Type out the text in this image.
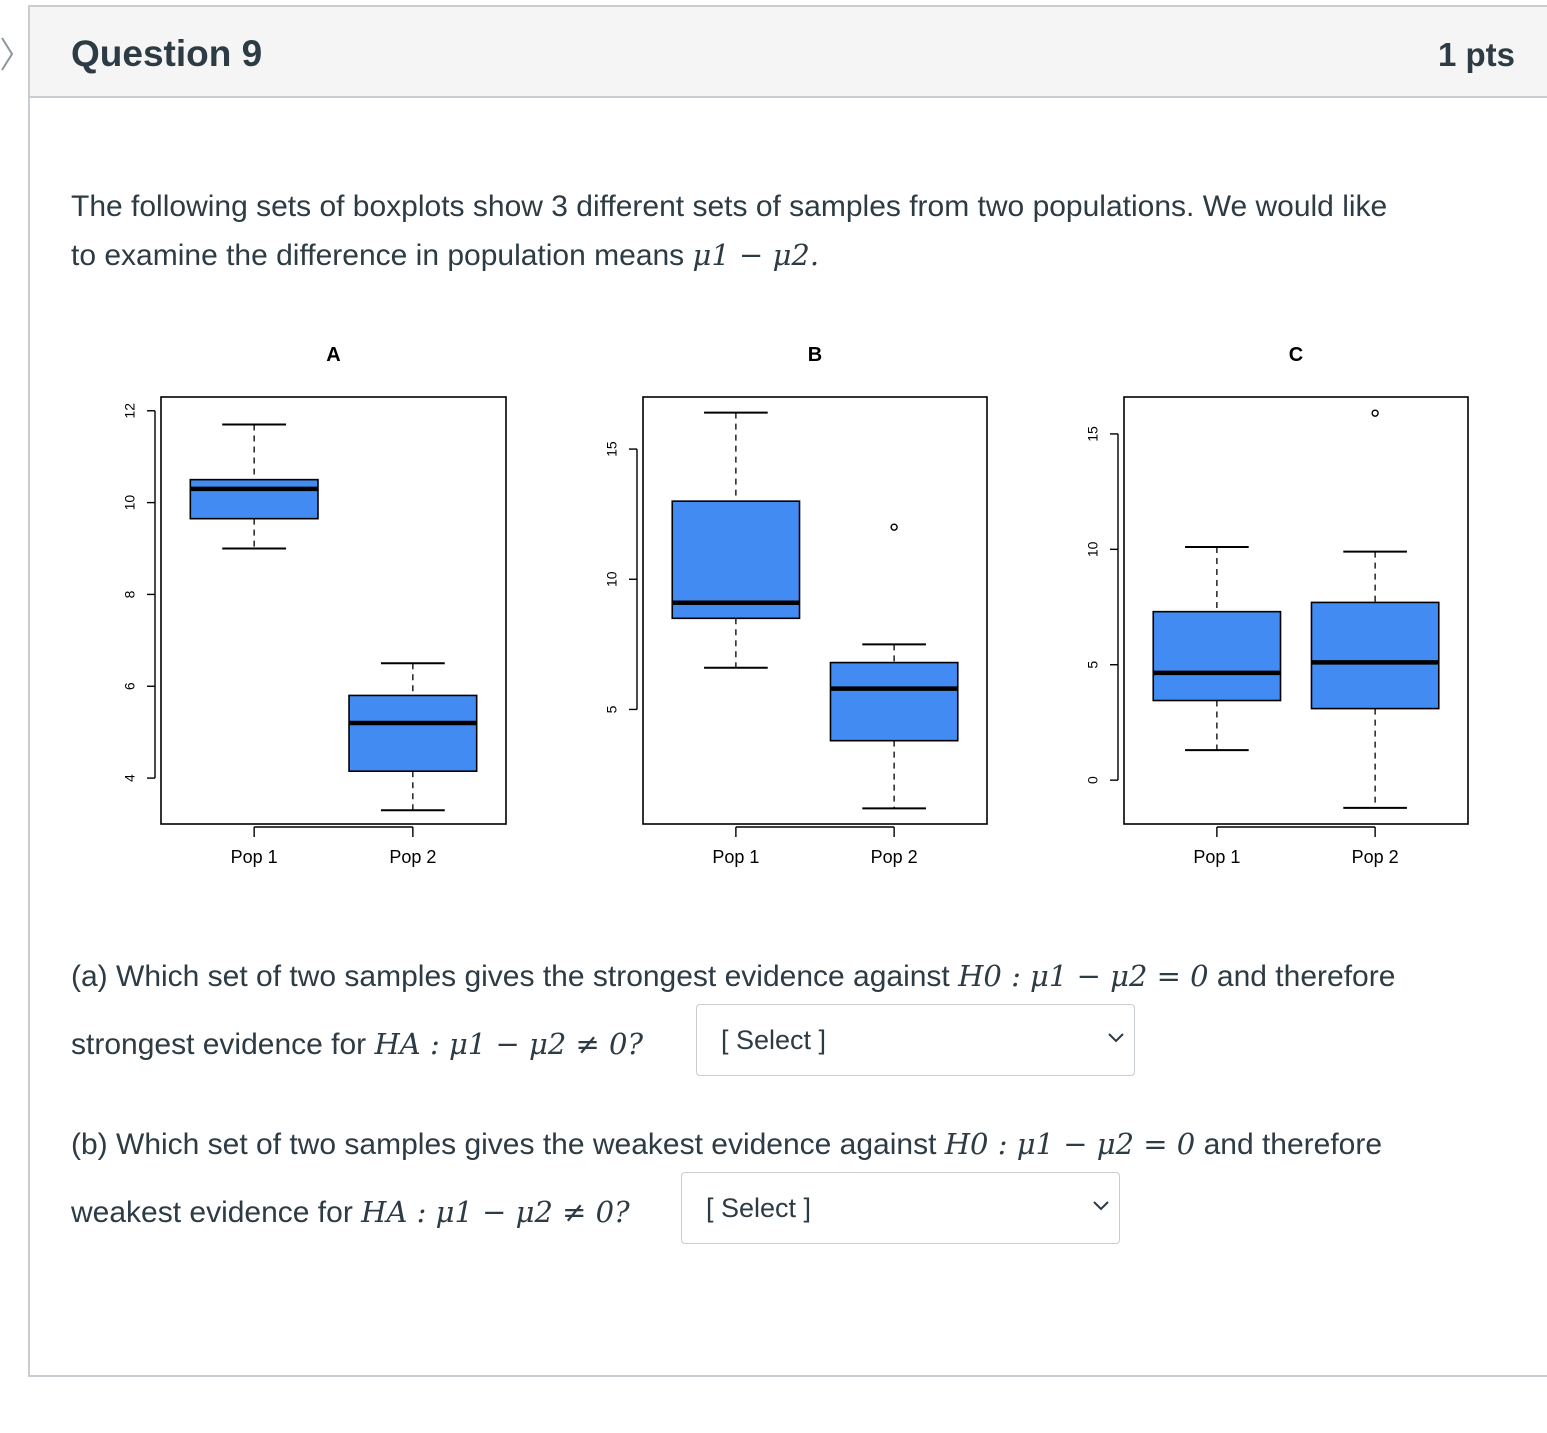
Question 9	1 pts
The following sets of boxplots show 3 different sets of samples from two populations. We would like
to examine the difference in population means μ1 − μ2.
A
4
6
8
10
12
Pop 1	Pop 2
B
5
10
15
Pop 1	Pop 2
C
0
5
10
15
Pop 1	Pop 2
(a) Which set of two samples gives the strongest evidence against H0 : μ1 − μ2 = 0 and therefore
strongest evidence for HA : μ1 − μ2 ≠ 0?	[ Select ]
(b) Which set of two samples gives the weakest evidence against H0 : μ1 − μ2 = 0 and therefore
weakest evidence for HA : μ1 − μ2 ≠ 0?	[ Select ]
